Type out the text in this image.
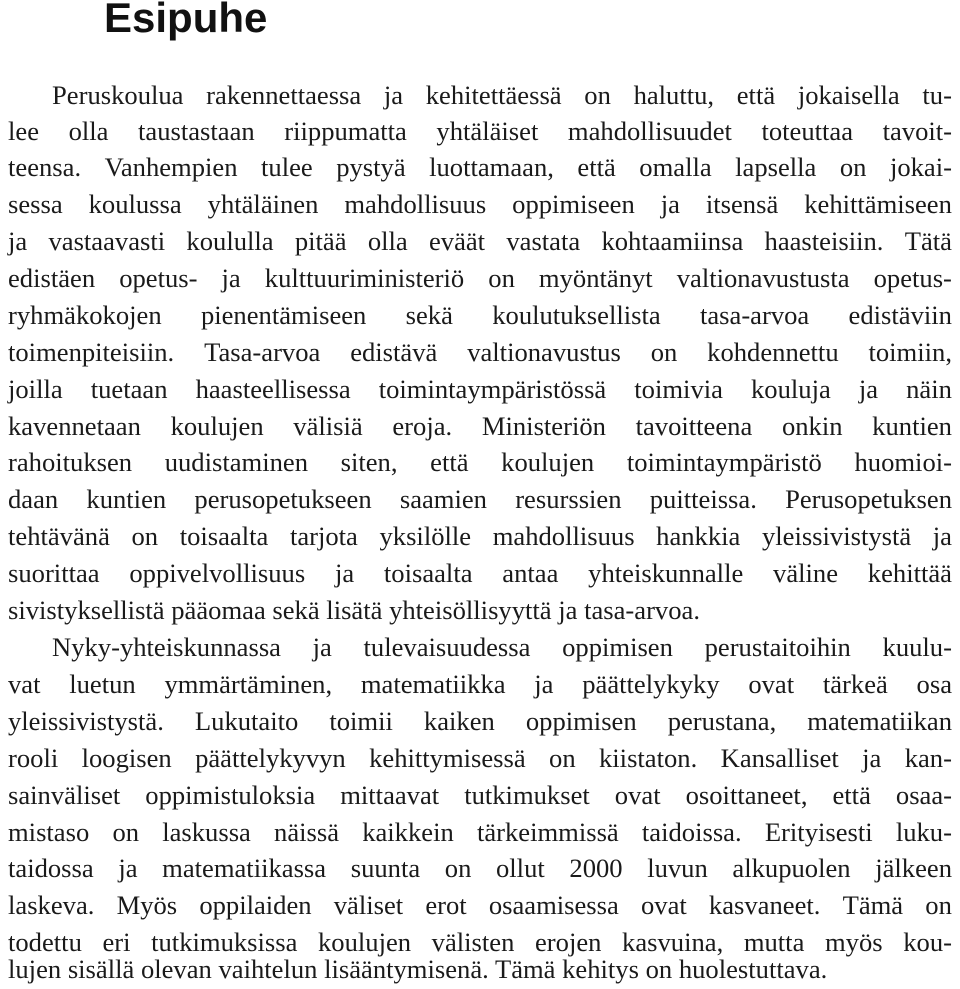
Esipuhe
Peruskoulua rakennettaessa ja kehitettäessä on haluttu, että jokaisella tu-
lee olla taustastaan riippumatta yhtäläiset mahdollisuudet toteuttaa tavoit-
teensa. Vanhempien tulee pystyä luottamaan, että omalla lapsella on jokai-
sessa koulussa yhtäläinen mahdollisuus oppimiseen ja itsensä kehittämiseen
ja vastaavasti koululla pitää olla eväät vastata kohtaamiinsa haasteisiin. Tätä
edistäen opetus- ja kulttuuriministeriö on myöntänyt valtionavustusta opetus-
ryhmäkokojen pienentämiseen sekä koulutuksellista tasa-arvoa edistäviin
toimenpiteisiin. Tasa-arvoa edistävä valtionavustus on kohdennettu toimiin,
joilla tuetaan haasteellisessa toimintaympäristössä toimivia kouluja ja näin
kavennetaan koulujen välisiä eroja. Ministeriön tavoitteena onkin kuntien
rahoituksen uudistaminen siten, että koulujen toimintaympäristö huomioi-
daan kuntien perusopetukseen saamien resurssien puitteissa. Perusopetuksen
tehtävänä on toisaalta tarjota yksilölle mahdollisuus hankkia yleissivistystä ja
suorittaa oppivelvollisuus ja toisaalta antaa yhteiskunnalle väline kehittää
sivistyksellistä pääomaa sekä lisätä yhteisöllisyyttä ja tasa-arvoa.
Nyky-yhteiskunnassa ja tulevaisuudessa oppimisen perustaitoihin kuulu-
vat luetun ymmärtäminen, matematiikka ja päättelykyky ovat tärkeä osa
yleissivistystä. Lukutaito toimii kaiken oppimisen perustana, matematiikan
rooli loogisen päättelykyvyn kehittymisessä on kiistaton. Kansalliset ja kan-
sainväliset oppimistuloksia mittaavat tutkimukset ovat osoittaneet, että osaa-
mistaso on laskussa näissä kaikkein tärkeimmissä taidoissa. Erityisesti luku-
taidossa ja matematiikassa suunta on ollut 2000 luvun alkupuolen jälkeen
laskeva. Myös oppilaiden väliset erot osaamisessa ovat kasvaneet. Tämä on
todettu eri tutkimuksissa koulujen välisten erojen kasvuina, mutta myös kou-
lujen sisällä olevan vaihtelun lisääntymisenä. Tämä kehitys on huolestuttava.
